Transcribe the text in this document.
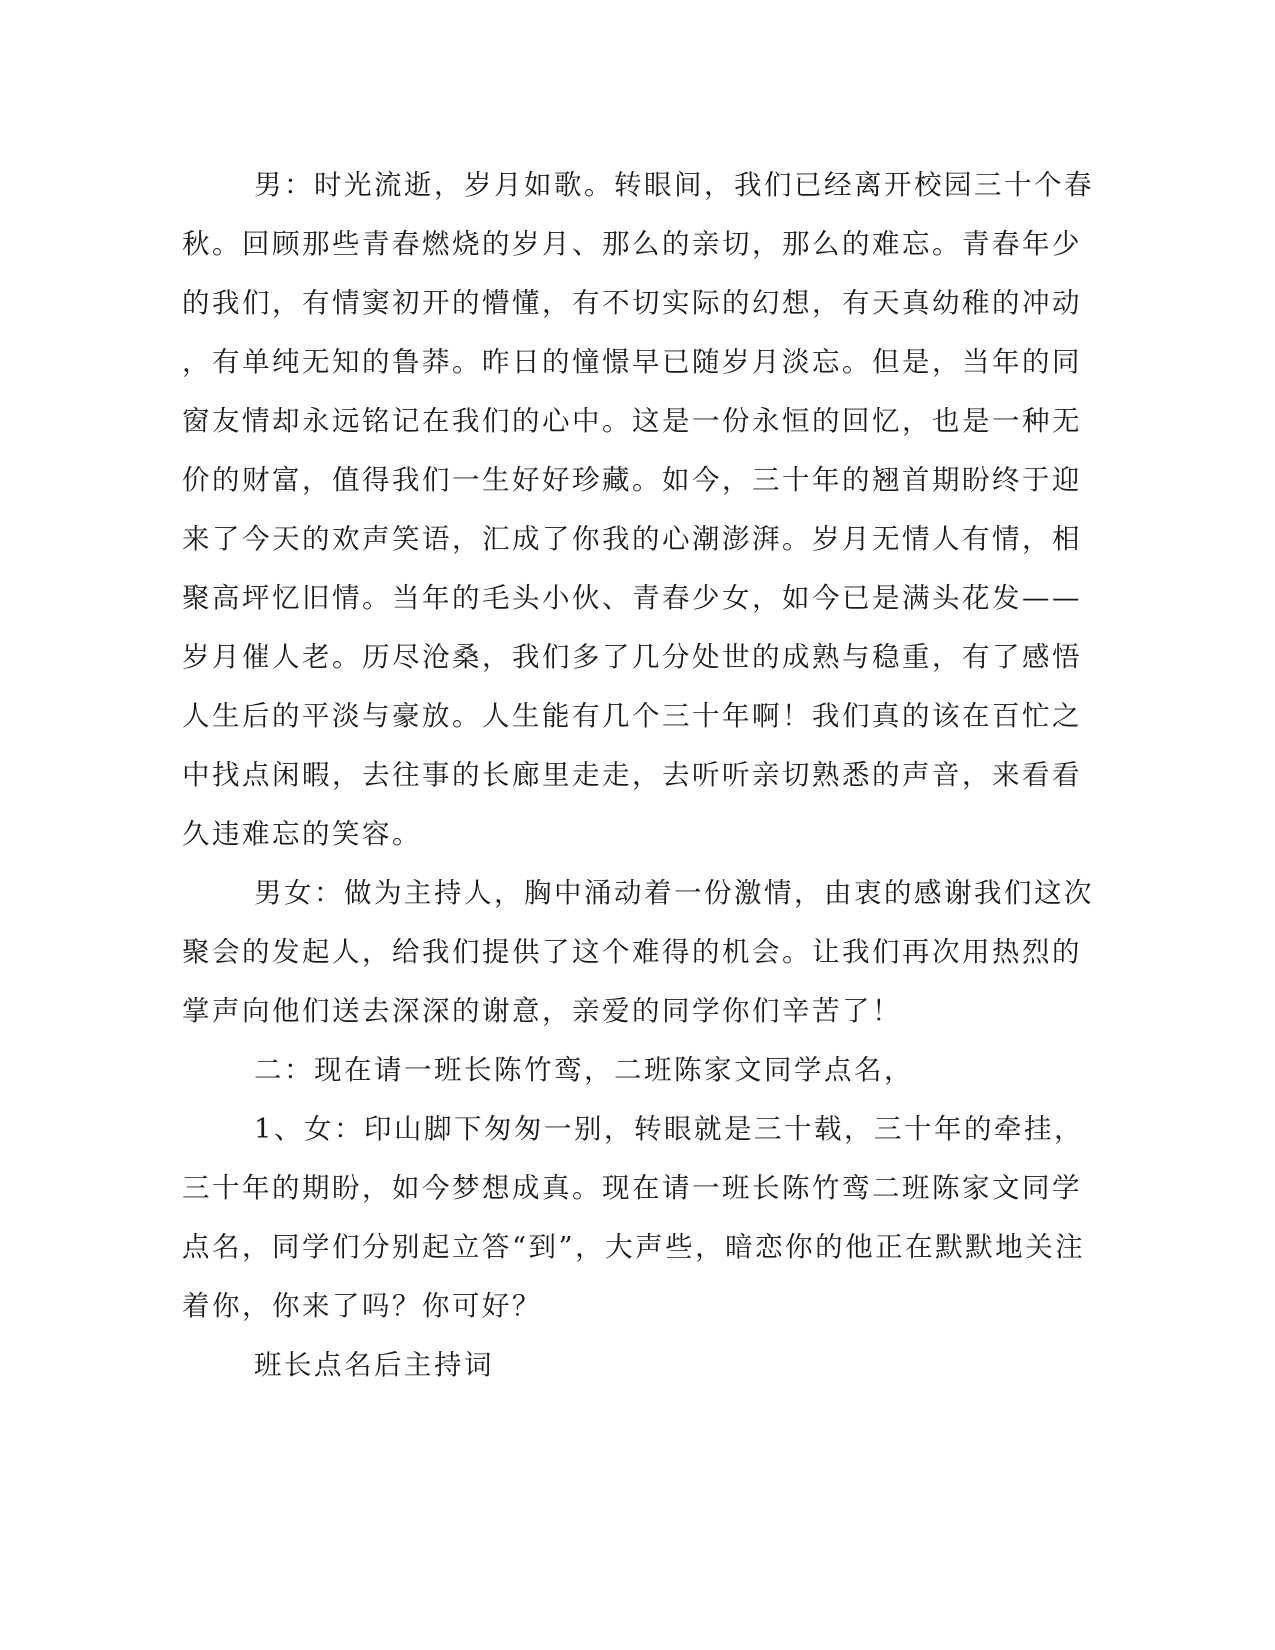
男：时光流逝，岁月如歌。转眼间，我们已经离开校园三十个春
秋。回顾那些青春燃烧的岁月、那么的亲切，那么的难忘。青春年少
的我们，有情窦初开的懵懂，有不切实际的幻想，有天真幼稚的冲动
，有单纯无知的鲁莽。昨日的憧憬早已随岁月淡忘。但是，当年的同
窗友情却永远铭记在我们的心中。这是一份永恒的回忆，也是一种无
价的财富，值得我们一生好好珍藏。如今，三十年的翘首期盼终于迎
来了今天的欢声笑语，汇成了你我的心潮澎湃。岁月无情人有情，相
聚高坪忆旧情。当年的毛头小伙、青春少女，如今已是满头花发——
岁月催人老。历尽沧桑，我们多了几分处世的成熟与稳重，有了感悟
人生后的平淡与豪放。人生能有几个三十年啊！我们真的该在百忙之
中找点闲暇，去往事的长廊里走走，去听听亲切熟悉的声音，来看看
久违难忘的笑容。
男女：做为主持人，胸中涌动着一份激情，由衷的感谢我们这次
聚会的发起人，给我们提供了这个难得的机会。让我们再次用热烈的
掌声向他们送去深深的谢意，亲爱的同学你们辛苦了！
二：现在请一班长陈竹鸾，二班陈家文同学点名，
1、女：印山脚下匆匆一别，转眼就是三十载，三十年的牵挂，
三十年的期盼，如今梦想成真。现在请一班长陈竹鸾二班陈家文同学
点名，同学们分别起立答“到”，大声些，暗恋你的他正在默默地关注
着你，你来了吗？你可好？
班长点名后主持词
